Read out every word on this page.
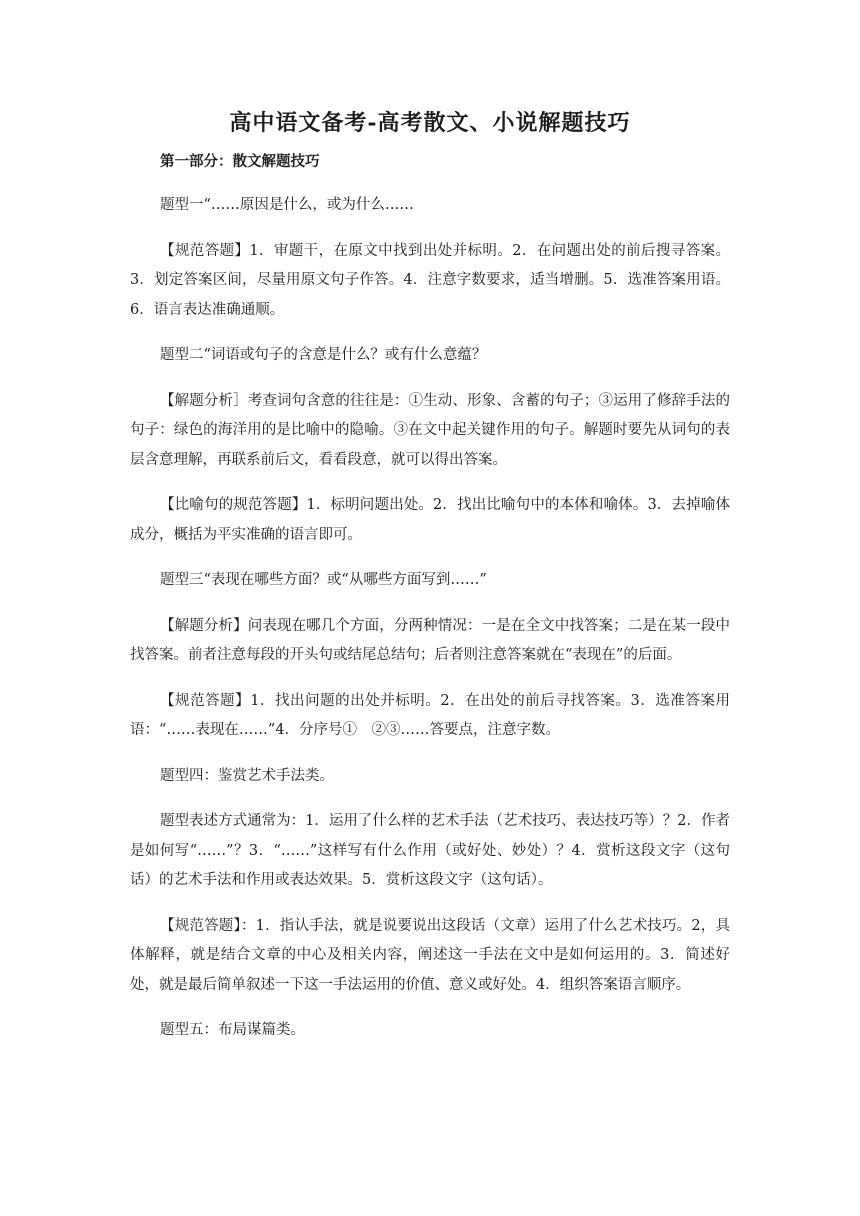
高中语文备考-高考散文、小说解题技巧

第一部分：散文解题技巧

题型一“……原因是什么，或为什么……

【规范答题】1．审题干，在原文中找到出处并标明。2．在问题出处的前后搜寻答案。3．划定答案区间，尽量用原文句子作答。4．注意字数要求，适当增删。5．选准答案用语。6．语言表达准确通顺。

题型二“词语或句子的含意是什么？或有什么意蕴？

【解题分析］考查词句含意的往往是：①生动、形象、含蓄的句子；③运用了修辞手法的句子：绿色的海洋用的是比喻中的隐喻。③在文中起关键作用的句子。解题时要先从词句的表层含意理解，再联系前后文，看看段意，就可以得出答案。

【比喻句的规范答题】1．标明问题出处。2．找出比喻句中的本体和喻体。3．去掉喻体成分，概括为平实准确的语言即可。

题型三“表现在哪些方面？或“从哪些方面写到……”

【解题分析】问表现在哪几个方面，分两种情况：一是在全文中找答案；二是在某一段中找答案。前者注意每段的开头句或结尾总结句；后者则注意答案就在“表现在”的后面。

【规范答题】1．找出问题的出处并标明。2．在出处的前后寻找答案。3．选准答案用语：“……表现在……”4．分序号①　②③……答要点，注意字数。

题型四：鉴赏艺术手法类。

题型表述方式通常为：1．运用了什么样的艺术手法（艺术技巧、表达技巧等）？2．作者是如何写“……”？3．“……”这样写有什么作用（或好处、妙处）？4．赏析这段文字（这句话）的艺术手法和作用或表达效果。5．赏析这段文字（这句话）。

【规范答题】：1．指认手法，就是说要说出这段话（文章）运用了什么艺术技巧。2，具体解释，就是结合文章的中心及相关内容，阐述这一手法在文中是如何运用的。3．简述好处，就是最后简单叙述一下这一手法运用的价值、意义或好处。4．组织答案语言顺序。

题型五：布局谋篇类。
